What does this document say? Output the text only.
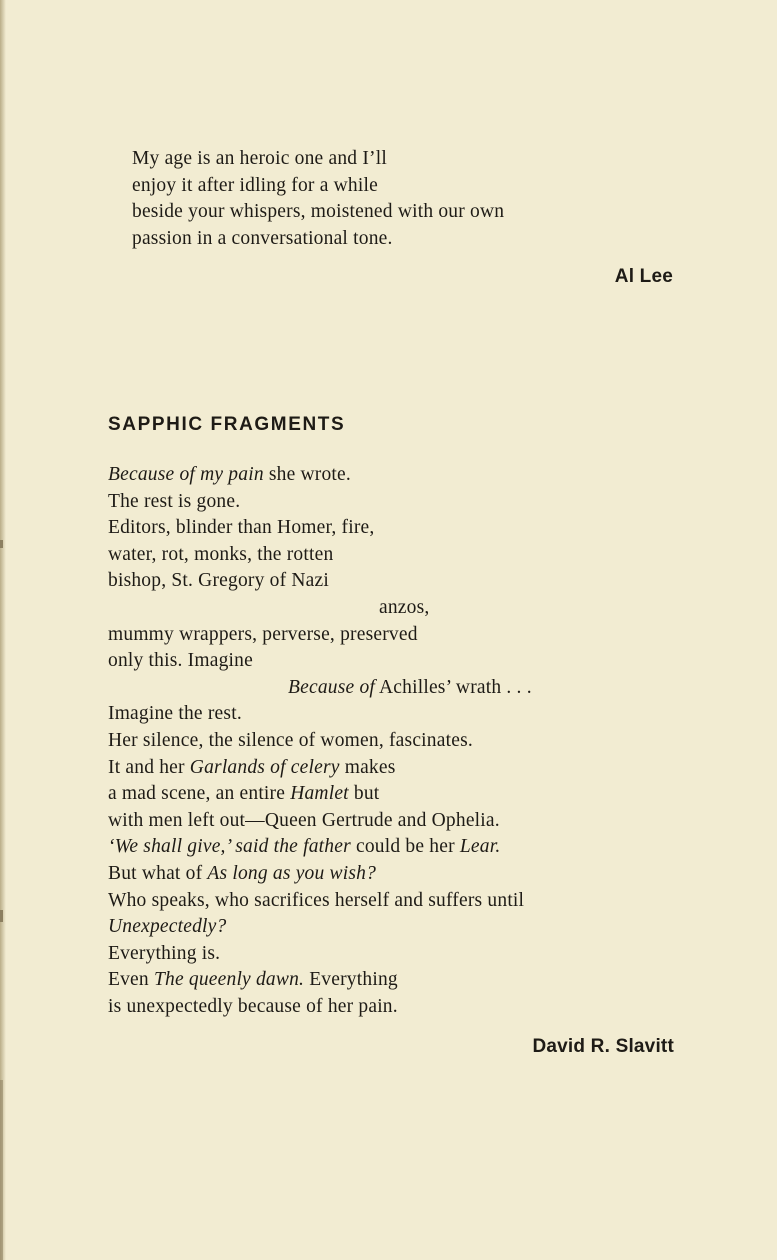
My age is an heroic one and I’ll
enjoy it after idling for a while
beside your whispers, moistened with our own
passion in a conversational tone.
Al Lee
SAPPHIC FRAGMENTS
Because of my pain she wrote.
The rest is gone.
Editors, blinder than Homer, fire,
water, rot, monks, the rotten
bishop, St. Gregory of Nazi
anzos,
mummy wrappers, perverse, preserved
only this. Imagine
Because of Achilles’ wrath . . .
Imagine the rest.
Her silence, the silence of women, fascinates.
It and her Garlands of celery makes
a mad scene, an entire Hamlet but
with men left out—Queen Gertrude and Ophelia.
‘We shall give,’ said the father could be her Lear.
But what of As long as you wish?
Who speaks, who sacrifices herself and suffers until
Unexpectedly?
Everything is.
Even The queenly dawn. Everything
is unexpectedly because of her pain.
David R. Slavitt
